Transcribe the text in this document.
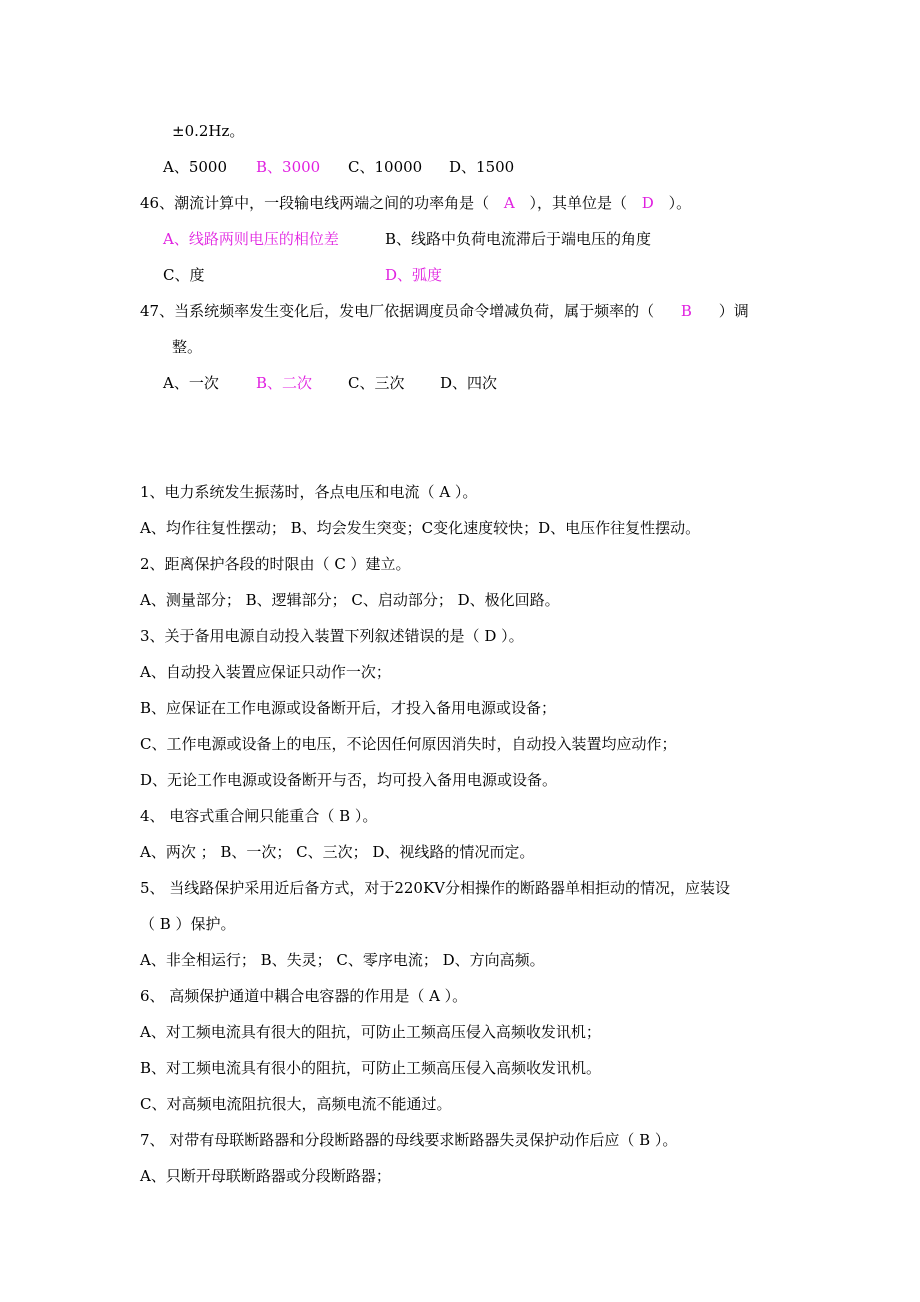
±0.2Hz。
A、5000 B、3000 C、10000 D、1500
46、潮流计算中，一段输电线两端之间的功率角是（ A ），其单位是（ D ）。
A、线路两则电压的相位差	B、线路中负荷电流滞后于端电压的角度
C、度	D、弧度
47、当系统频率发生变化后，发电厂依据调度员命令增减负荷，属于频率的（ B ）调
整。
A、一次 B、二次 C、三次 D、四次
1、电力系统发生振荡时，各点电压和电流（ A ）。
A、均作往复性摆动； B、均会发生突变；C变化速度较快；D、电压作往复性摆动。
2、距离保护各段的时限由（ C ）建立。
A、测量部分； B、逻辑部分； C、启动部分； D、极化回路。
3、关于备用电源自动投入装置下列叙述错误的是（ D ）。
A、自动投入装置应保证只动作一次；
B、应保证在工作电源或设备断开后，才投入备用电源或设备；
C、工作电源或设备上的电压，不论因任何原因消失时，自动投入装置均应动作；
D、无论工作电源或设备断开与否，均可投入备用电源或设备。
4、 电容式重合闸只能重合（ B ）。
A、两次 ； B、一次； C、三次； D、视线路的情况而定。
5、 当线路保护采用近后备方式，对于220KV分相操作的断路器单相拒动的情况，应装设
（ B ）保护。
A、非全相运行； B、失灵； C、零序电流； D、方向高频。
6、 高频保护通道中耦合电容器的作用是（ A ）。
A、对工频电流具有很大的阻抗，可防止工频高压侵入高频收发讯机；
B、对工频电流具有很小的阻抗，可防止工频高压侵入高频收发讯机。
C、对高频电流阻抗很大，高频电流不能通过。
7、 对带有母联断路器和分段断路器的母线要求断路器失灵保护动作后应（ B ）。
A、只断开母联断路器或分段断路器；
